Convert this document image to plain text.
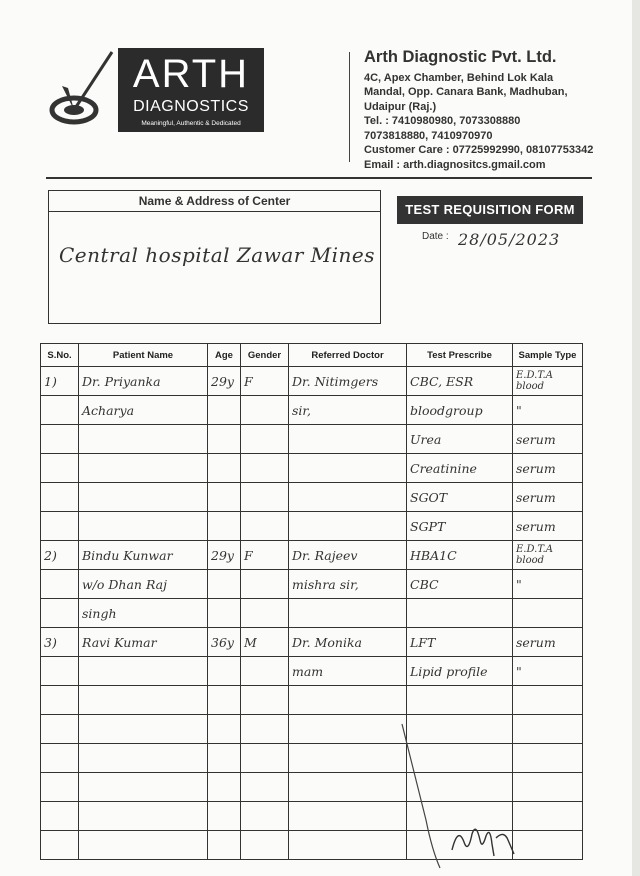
ARTH
DIAGNOSTICS
Meaningful, Authentic & Dedicated
Arth Diagnostic Pvt. Ltd.
4C, Apex Chamber, Behind Lok Kala
Mandal, Opp. Canara Bank, Madhuban,
Udaipur (Raj.)
Tel. : 7410980980, 7073308880
7073818880, 7410970970
Customer Care : 07725992990, 08107753342
Email : arth.diagnositcs.gmail.com
Name & Address of Center
Central hospital Zawar Mines
TEST REQUISITION FORM
Date : 28/05/2023
S.No.	Patient Name	Age	Gender	Referred Doctor	Test Prescribe	Sample Type
1)	Dr. Priyanka	29y	F	Dr. Nitimgers	CBC, ESR	E.D.T.A blood
	Acharya			sir,	bloodgroup	"
					Urea	serum
					Creatinine	serum
					SGOT	serum
					SGPT	serum
2)	Bindu Kunwar	29y	F	Dr. Rajeev	HBA1C	E.D.T.A blood
	w/o Dhan Raj			mishra sir,	CBC	"
	singh					
3)	Ravi Kumar	36y	M	Dr. Monika	LFT	serum
				mam	Lipid profile	"
